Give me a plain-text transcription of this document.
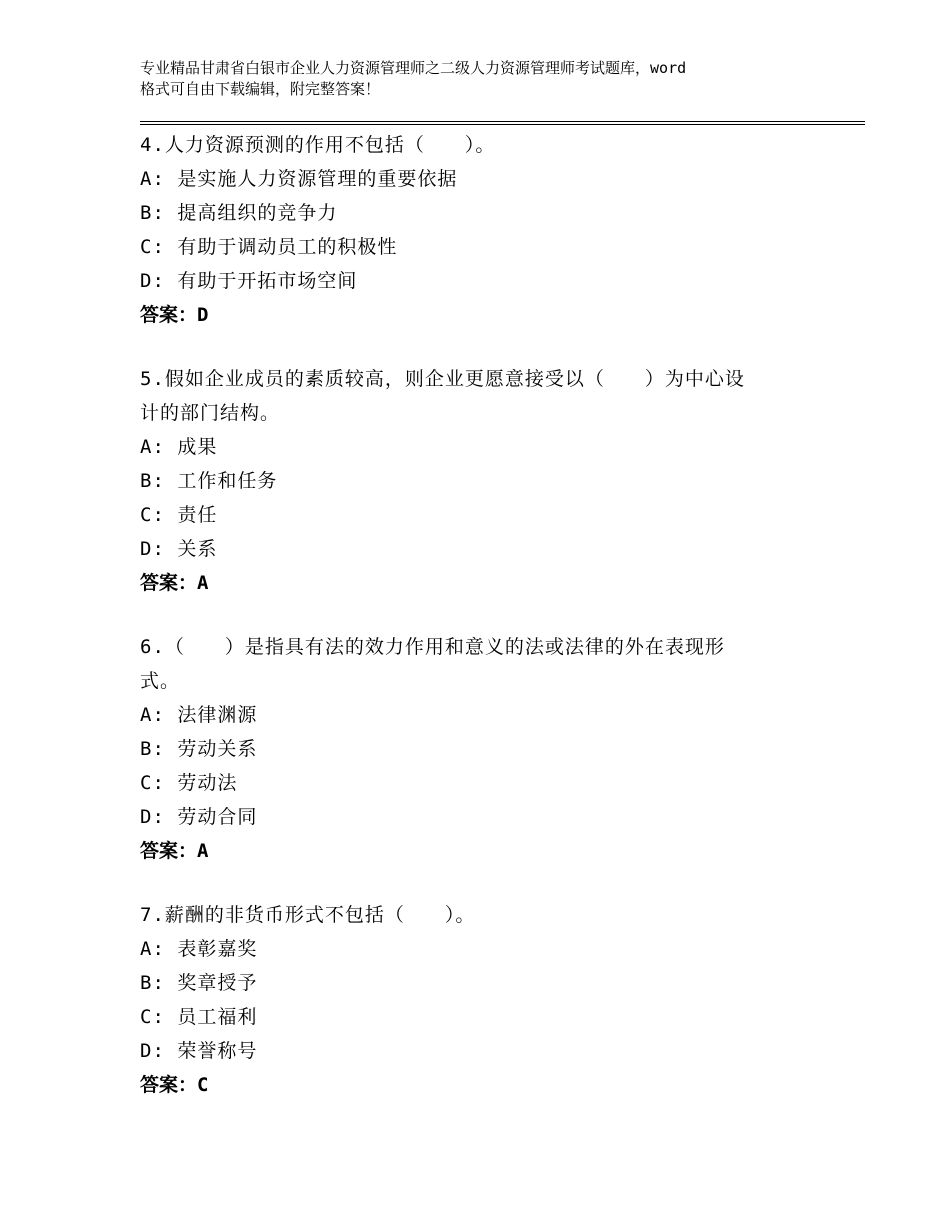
专业精品甘肃省白银市企业人力资源管理师之二级人力资源管理师考试题库，word
格式可自由下载编辑，附完整答案！
4.人力资源预测的作用不包括（　　）。
A: 是实施人力资源管理的重要依据
B: 提高组织的竞争力
C: 有助于调动员工的积极性
D: 有助于开拓市场空间
答案：D
5.假如企业成员的素质较高，则企业更愿意接受以（　　）为中心设
计的部门结构。
A: 成果
B: 工作和任务
C: 责任
D: 关系
答案：A
6.（　　）是指具有法的效力作用和意义的法或法律的外在表现形
式。
A: 法律渊源
B: 劳动关系
C: 劳动法
D: 劳动合同
答案：A
7.薪酬的非货币形式不包括（　　）。
A: 表彰嘉奖
B: 奖章授予
C: 员工福利
D: 荣誉称号
答案：C
